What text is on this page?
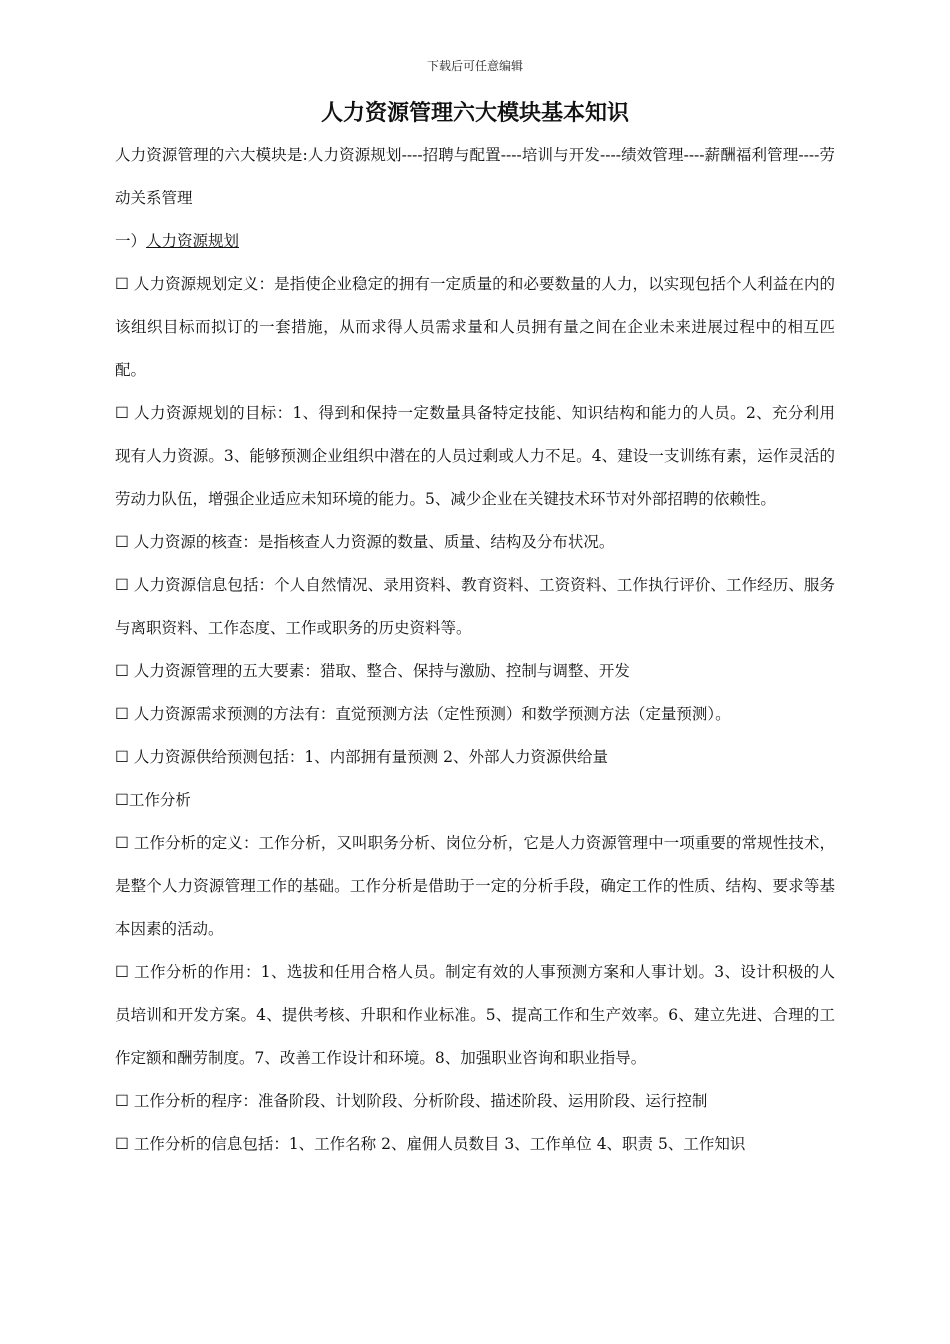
下载后可任意编辑
人力资源管理六大模块基本知识

人力资源管理的六大模块是:人力资源规划----招聘与配置----培训与开发----绩效管理----薪酬福利管理----劳动关系管理

一）人力资源规划

☐ 人力资源规划定义：是指使企业稳定的拥有一定质量的和必要数量的人力，以实现包括个人利益在内的该组织目标而拟订的一套措施，从而求得人员需求量和人员拥有量之间在企业未来进展过程中的相互匹配。

☐ 人力资源规划的目标：1、得到和保持一定数量具备特定技能、知识结构和能力的人员。2、充分利用现有人力资源。3、能够预测企业组织中潜在的人员过剩或人力不足。4、建设一支训练有素，运作灵活的劳动力队伍，增强企业适应未知环境的能力。5、减少企业在关键技术环节对外部招聘的依赖性。

☐ 人力资源的核查：是指核查人力资源的数量、质量、结构及分布状况。

☐ 人力资源信息包括：个人自然情况、录用资料、教育资料、工资资料、工作执行评价、工作经历、服务与离职资料、工作态度、工作或职务的历史资料等。

☐ 人力资源管理的五大要素：猎取、整合、保持与激励、控制与调整、开发

☐ 人力资源需求预测的方法有：直觉预测方法（定性预测）和数学预测方法（定量预测）。

☐ 人力资源供给预测包括：1、内部拥有量预测 2、外部人力资源供给量

☐工作分析

☐ 工作分析的定义：工作分析，又叫职务分析、岗位分析，它是人力资源管理中一项重要的常规性技术，是整个人力资源管理工作的基础。工作分析是借助于一定的分析手段，确定工作的性质、结构、要求等基本因素的活动。

☐ 工作分析的作用：1、选拔和任用合格人员。制定有效的人事预测方案和人事计划。3、设计积极的人员培训和开发方案。4、提供考核、升职和作业标准。5、提高工作和生产效率。6、建立先进、合理的工作定额和酬劳制度。7、改善工作设计和环境。8、加强职业咨询和职业指导。

☐ 工作分析的程序：准备阶段、计划阶段、分析阶段、描述阶段、运用阶段、运行控制

☐ 工作分析的信息包括：1、工作名称 2、雇佣人员数目 3、工作单位 4、职责 5、工作知识
